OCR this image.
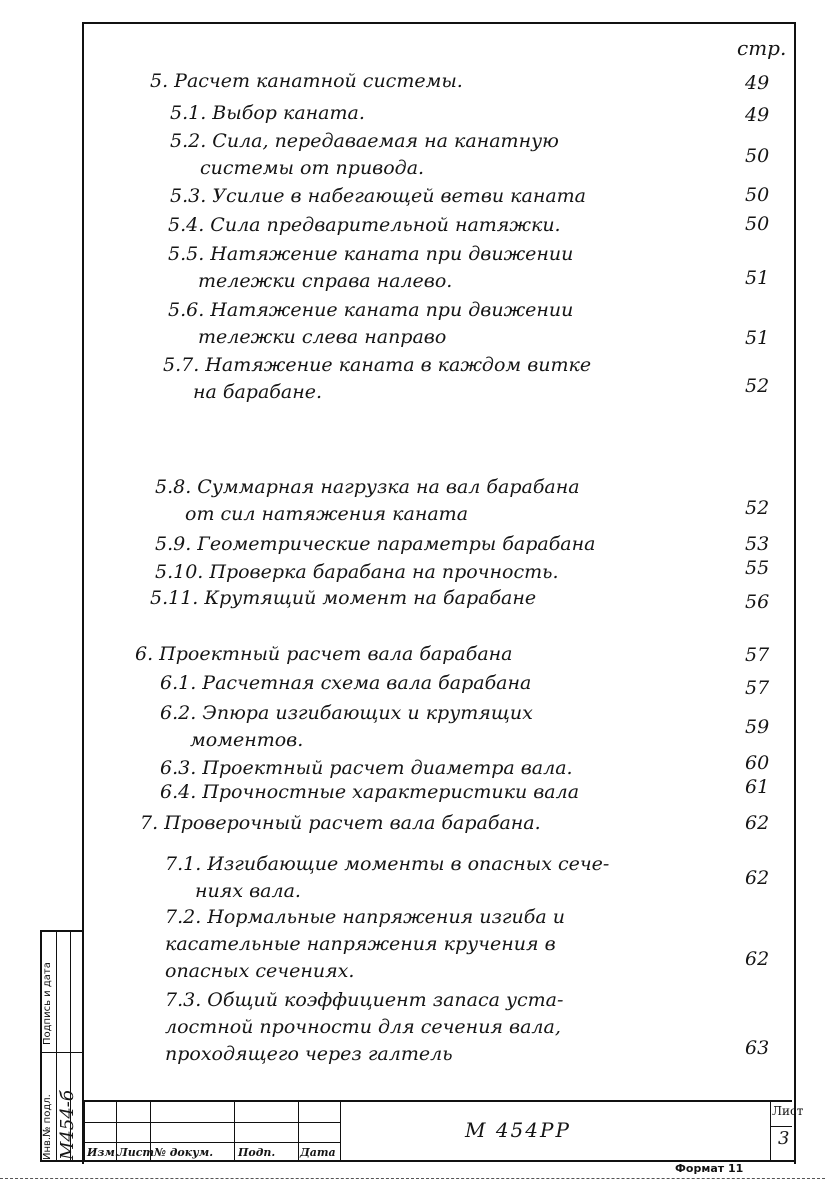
стр.
5. Расчет канатной системы.	49
5.1. Выбор каната.	49
5.2. Сила, передаваемая на канатную
системы от привода.
50
5.3. Усилие в набегающей ветви каната	50
5.4. Сила предварительной натяжки.	50
5.5. Натяжение каната при движении
тележки справа налево.	51
5.6. Натяжение каната при движении
тележки слева направо	51
5.7. Натяжение каната в каждом витке
на барабане.	52
5.8. Суммарная нагрузка на вал барабана
от сил натяжения каната	52
5.9. Геометрические параметры барабана	53
5.10. Проверка барабана на прочность.	55
5.11. Крутящий момент на барабане	56
6. Проектный расчет вала барабана	57
6.1. Расчетная схема вала барабана	57
6.2. Эпюра изгибающих и крутящих
моментов.
59
6.3. Проектный расчет диаметра вала.	60
6.4. Прочностные характеристики вала	61
7. Проверочный расчет вала барабана.	62
7.1. Изгибающие моменты в опасных сече-
ниях вала.
62
7.2. Нормальные напряжения изгиба и
касательные напряжения кручения в
опасных сечениях.
62
7.3. Общий коэффициент запаса уста-
лостной прочности для сечения вала,
проходящего через галтель	63
Инв.№ подл. М454-б
Подпись и дата
Изм. Лист № докум. Подп. Дата
М 454РР
Лист
3
Формат 11
